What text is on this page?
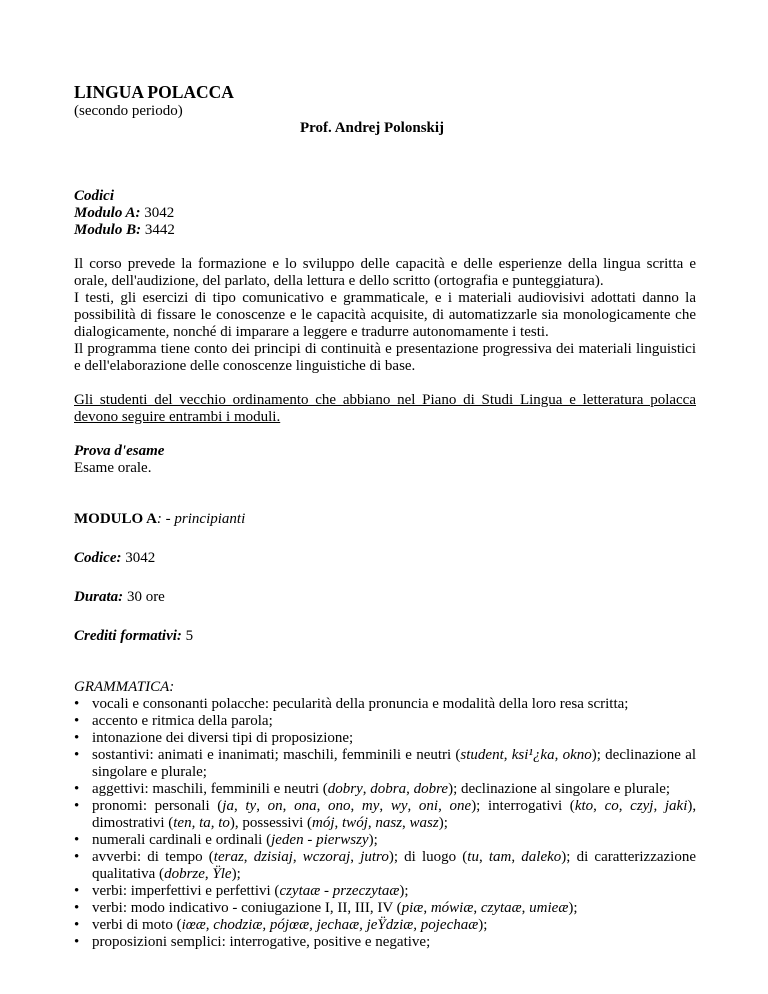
LINGUA POLACCA

(secondo periodo)

Prof. Andrej Polonskij

Codici

Modulo A: 3042

Modulo B: 3442

Il corso prevede la formazione e lo sviluppo delle capacità e delle esperienze della lingua scritta e orale, dell'audizione, del parlato, della lettura e dello scritto (ortografia e punteggiatura).

I testi, gli esercizi di tipo comunicativo e grammaticale, e i materiali audiovisivi adottati danno la possibilità di fissare le conoscenze e le capacità acquisite, di automatizzarle sia monologicamente che dialogicamente, nonché di imparare a leggere e tradurre autonomamente i testi.

Il programma tiene conto dei principi di continuità e presentazione progressiva dei materiali linguistici e dell'elaborazione delle conoscenze linguistiche di base.

Gli studenti del vecchio ordinamento che abbiano nel Piano di Studi Lingua e letteratura polacca devono seguire entrambi i moduli.

Prova d'esame

Esame orale.

MODULO A: - principianti

Codice: 3042

Durata: 30 ore

Crediti formativi: 5

GRAMMATICA:

• vocali e consonanti polacche: pecularità della pronuncia e modalità della loro resa scritta;
• accento e ritmica della parola;
• intonazione dei diversi tipi di proposizione;
• sostantivi: animati e inanimati; maschili, femminili e neutri (student, ksi¹¿ka, okno); declinazione al singolare e plurale;
• aggettivi: maschili, femminili e neutri (dobry, dobra, dobre); declinazione al singolare e plurale;
• pronomi: personali (ja, ty, on, ona, ono, my, wy, oni, one); interrogativi (kto, co, czyj, jaki), dimostrativi (ten, ta, to), possessivi (mój, twój, nasz, wasz);
• numerali cardinali e ordinali (jeden - pierwszy);
• avverbi: di tempo (teraz, dzisiaj, wczoraj, jutro); di luogo (tu, tam, daleko); di caratterizzazione qualitativa (dobrze, Ÿle);
• verbi: imperfettivi e perfettivi (czytaæ - przeczytaæ);
• verbi: modo indicativo - coniugazione I, II, III, IV (piæ, mówiæ, czytaæ, umieæ);
• verbi di moto (iœæ, chodziæ, pójœæ, jechaæ, jeŸdziæ, pojechaæ);
• proposizioni semplici: interrogative, positive e negative;
